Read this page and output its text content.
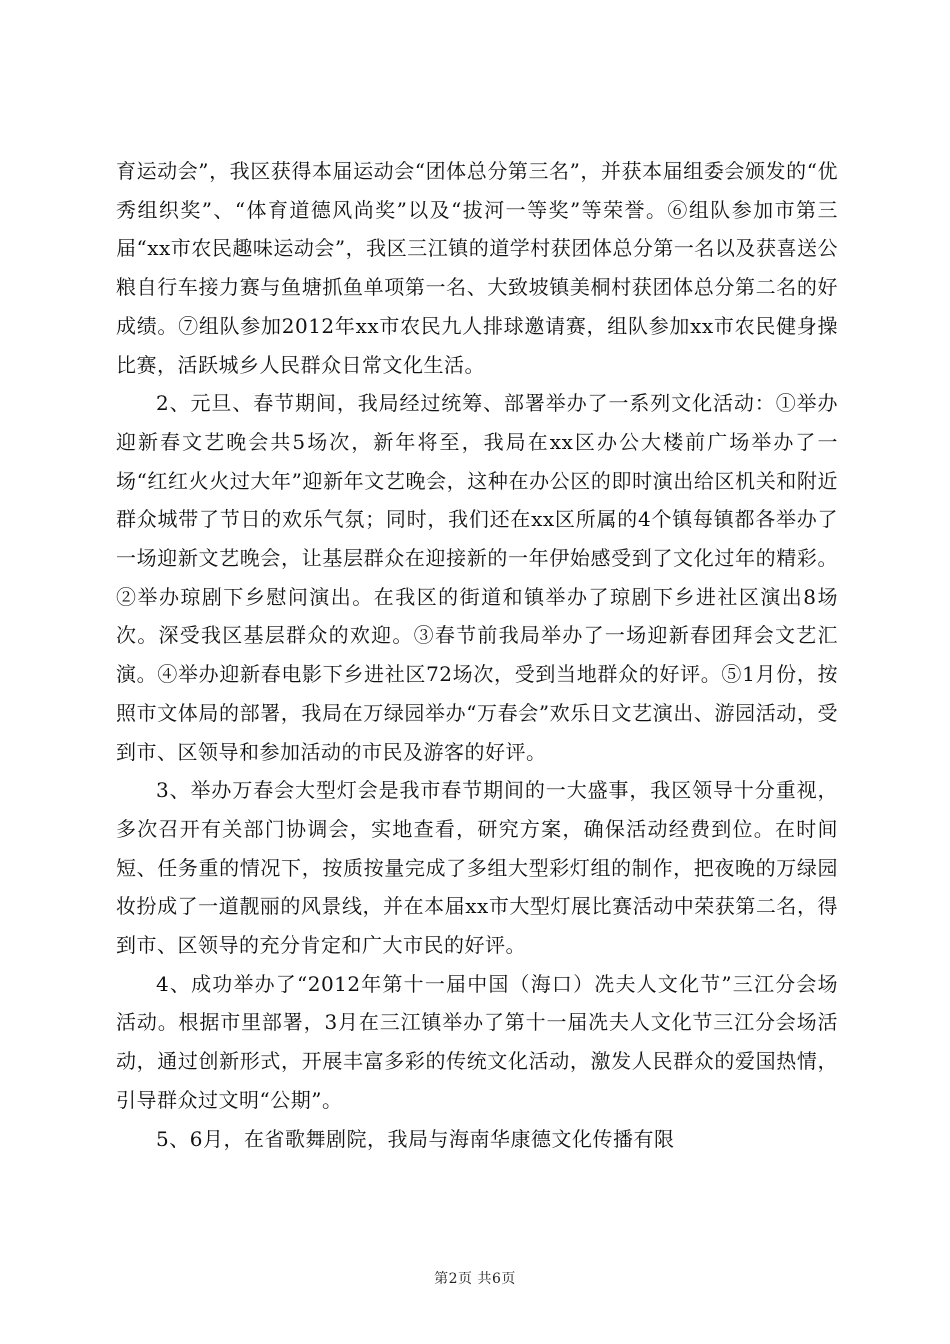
育运动会”，我区获得本届运动会“团体总分第三名”，并获本届组委会颁发的“优秀组织奖”、“体育道德风尚奖”以及“拔河一等奖”等荣誉。⑥组队参加市第三届“xx市农民趣味运动会”，我区三江镇的道学村获团体总分第一名以及获喜送公粮自行车接力赛与鱼塘抓鱼单项第一名、大致坡镇美桐村获团体总分第二名的好成绩。⑦组队参加2012年xx市农民九人排球邀请赛，组队参加xx市农民健身操比赛，活跃城乡人民群众日常文化生活。

2、元旦、春节期间，我局经过统筹、部署举办了一系列文化活动：①举办迎新春文艺晚会共5场次，新年将至，我局在xx区办公大楼前广场举办了一场“红红火火过大年”迎新年文艺晚会，这种在办公区的即时演出给区机关和附近群众城带了节日的欢乐气氛；同时，我们还在xx区所属的4个镇每镇都各举办了一场迎新文艺晚会，让基层群众在迎接新的一年伊始感受到了文化过年的精彩。②举办琼剧下乡慰问演出。在我区的街道和镇举办了琼剧下乡进社区演出8场次。深受我区基层群众的欢迎。③春节前我局举办了一场迎新春团拜会文艺汇演。④举办迎新春电影下乡进社区72场次，受到当地群众的好评。⑤1月份，按照市文体局的部署，我局在万绿园举办“万春会”欢乐日文艺演出、游园活动，受到市、区领导和参加活动的市民及游客的好评。

3、举办万春会大型灯会是我市春节期间的一大盛事，我区领导十分重视，多次召开有关部门协调会，实地查看，研究方案，确保活动经费到位。在时间短、任务重的情况下，按质按量完成了多组大型彩灯组的制作，把夜晚的万绿园妆扮成了一道靓丽的风景线，并在本届xx市大型灯展比赛活动中荣获第二名，得到市、区领导的充分肯定和广大市民的好评。

4、成功举办了“2012年第十一届中国（海口）冼夫人文化节”三江分会场活动。根据市里部署，3月在三江镇举办了第十一届冼夫人文化节三江分会场活动，通过创新形式，开展丰富多彩的传统文化活动，激发人民群众的爱国热情，引导群众过文明“公期”。

5、6月，在省歌舞剧院，我局与海南华康德文化传播有限

第2页 共6页
